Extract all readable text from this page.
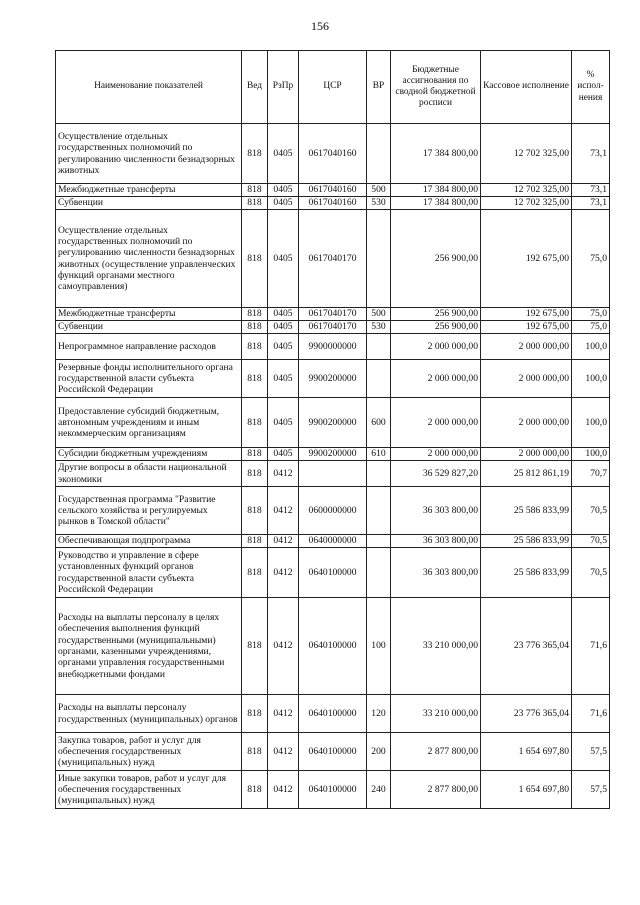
156
Наименование показателей	Вед	РзПр	ЦСР	ВР	Бюджетные ассигнования по сводной бюджетной росписи	Кассовое исполнение	% испол-нения
Осуществление отдельных государственных полномочий по регулированию численности безнадзорных животных	818	0405	0617040160		17 384 800,00	12 702 325,00	73,1
Межбюджетные трансферты	818	0405	0617040160	500	17 384 800,00	12 702 325,00	73,1
Субвенции	818	0405	0617040160	530	17 384 800,00	12 702 325,00	73,1
Осуществление отдельных государственных полномочий по регулированию численности безнадзорных животных (осуществление управленческих функций органами местного самоуправления)	818	0405	0617040170		256 900,00	192 675,00	75,0
Межбюджетные трансферты	818	0405	0617040170	500	256 900,00	192 675,00	75,0
Субвенции	818	0405	0617040170	530	256 900,00	192 675,00	75,0
Непрограммное направление расходов	818	0405	9900000000		2 000 000,00	2 000 000,00	100,0
Резервные фонды исполнительного органа государственной власти субъекта Российской Федерации	818	0405	9900200000		2 000 000,00	2 000 000,00	100,0
Предоставление субсидий бюджетным, автономным учреждениям и иным некоммерческим организациям	818	0405	9900200000	600	2 000 000,00	2 000 000,00	100,0
Субсидии бюджетным учреждениям	818	0405	9900200000	610	2 000 000,00	2 000 000,00	100,0
Другие вопросы в области национальной экономики	818	0412			36 529 827,20	25 812 861,19	70,7
Государственная программа "Развитие сельского хозяйства и регулируемых рынков в Томской области"	818	0412	0600000000		36 303 800,00	25 586 833,99	70,5
Обеспечивающая подпрограмма	818	0412	0640000000		36 303 800,00	25 586 833,99	70,5
Руководство и управление в сфере установленных функций органов государственной власти субъекта Российской Федерации	818	0412	0640100000		36 303 800,00	25 586 833,99	70,5
Расходы на выплаты персоналу в целях обеспечения выполнения функций государственными (муниципальными) органами, казенными учреждениями, органами управления государственными внебюджетными фондами	818	0412	0640100000	100	33 210 000,00	23 776 365,04	71,6
Расходы на выплаты персоналу государственных (муниципальных) органов	818	0412	0640100000	120	33 210 000,00	23 776 365,04	71,6
Закупка товаров, работ и услуг для обеспечения государственных (муниципальных) нужд	818	0412	0640100000	200	2 877 800,00	1 654 697,80	57,5
Иные закупки товаров, работ и услуг для обеспечения государственных (муниципальных) нужд	818	0412	0640100000	240	2 877 800,00	1 654 697,80	57,5
